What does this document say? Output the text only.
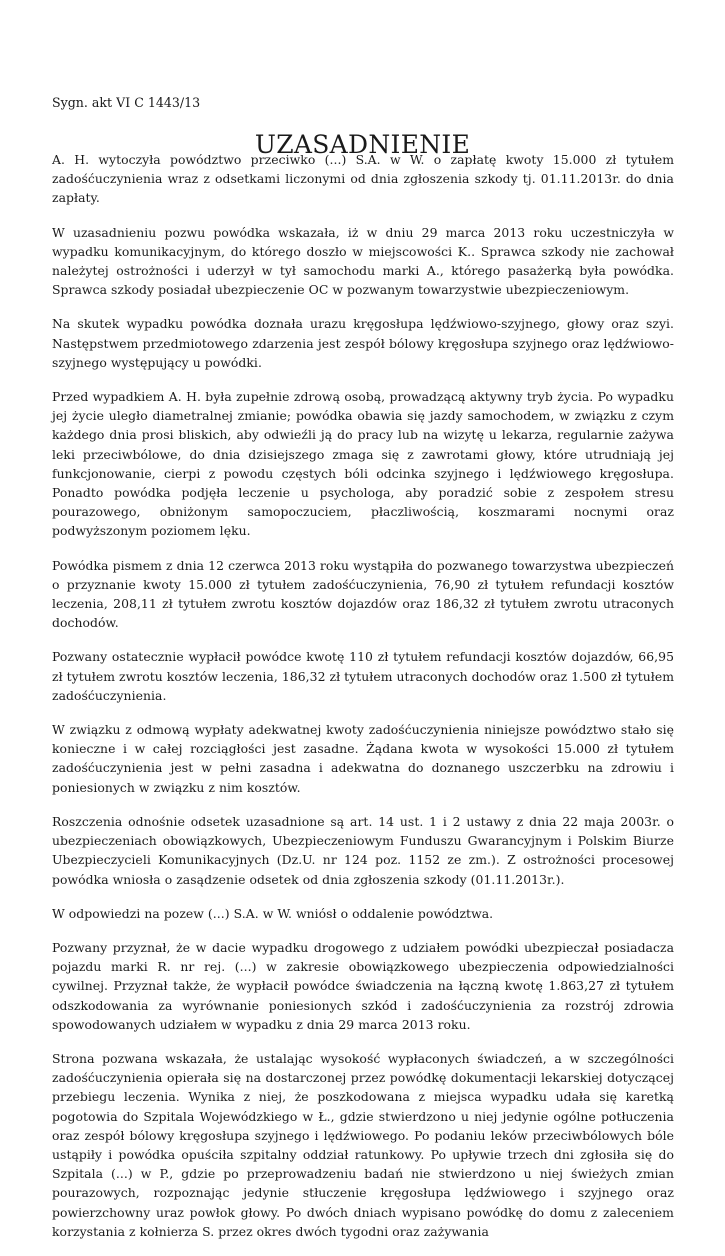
Sygn. akt VI C 1443/13
UZASADNIENIE

A. H. wytoczyła powództwo przeciwko (...) S.A. w W. o zapłatę kwoty 15.000 zł tytułem zadośćuczynienia wraz z odsetkami liczonymi od dnia zgłoszenia szkody tj. 01.11.2013r. do dnia zapłaty.

W uzasadnieniu pozwu powódka wskazała, iż w dniu 29 marca 2013 roku uczestniczyła w wypadku komunikacyjnym, do którego doszło w miejscowości K.. Sprawca szkody nie zachował należytej ostrożności i uderzył w tył samochodu marki A., którego pasażerką była powódka. Sprawca szkody posiadał ubezpieczenie OC w pozwanym towarzystwie ubezpieczeniowym.

Na skutek wypadku powódka doznała urazu kręgosłupa lędźwiowo-szyjnego, głowy oraz szyi. Następstwem przedmiotowego zdarzenia jest zespół bólowy kręgosłupa szyjnego oraz lędźwiowo-szyjnego występujący u powódki.

Przed wypadkiem A. H. była zupełnie zdrową osobą, prowadzącą aktywny tryb życia. Po wypadku jej życie uległo diametralnej zmianie; powódka obawia się jazdy samochodem, w związku z czym każdego dnia prosi bliskich, aby odwieźli ją do pracy lub na wizytę u lekarza, regularnie zażywa leki przeciwbólowe, do dnia dzisiejszego zmaga się z zawrotami głowy, które utrudniają jej funkcjonowanie, cierpi z powodu częstych bóli odcinka szyjnego i lędźwiowego kręgosłupa. Ponadto powódka podjęła leczenie u psychologa, aby poradzić sobie z zespołem stresu pourazowego, obniżonym samopoczuciem, płaczliwością, koszmarami nocnymi oraz podwyższonym poziomem lęku.

Powódka pismem z dnia 12 czerwca 2013 roku wystąpiła do pozwanego towarzystwa ubezpieczeń o przyznanie kwoty 15.000 zł tytułem zadośćuczynienia, 76,90 zł tytułem refundacji kosztów leczenia, 208,11 zł tytułem zwrotu kosztów dojazdów oraz 186,32 zł tytułem zwrotu utraconych dochodów.

Pozwany ostatecznie wypłacił powódce kwotę 110 zł tytułem refundacji kosztów dojazdów, 66,95 zł tytułem zwrotu kosztów leczenia, 186,32 zł tytułem utraconych dochodów oraz 1.500 zł tytułem zadośćuczynienia.

W związku z odmową wypłaty adekwatnej kwoty zadośćuczynienia niniejsze powództwo stało się konieczne i w całej rozciągłości jest zasadne. Żądana kwota w wysokości 15.000 zł tytułem zadośćuczynienia jest w pełni zasadna i adekwatna do doznanego uszczerbku na zdrowiu i poniesionych w związku z nim kosztów.

Roszczenia odnośnie odsetek uzasadnione są art. 14 ust. 1 i 2 ustawy z dnia 22 maja 2003r. o ubezpieczeniach obowiązkowych, Ubezpieczeniowym Funduszu Gwarancyjnym i Polskim Biurze Ubezpieczycieli Komunikacyjnych (Dz.U. nr 124 poz. 1152 ze zm.). Z ostrożności procesowej powódka wniosła o zasądzenie odsetek od dnia zgłoszenia szkody (01.11.2013r.).

W odpowiedzi na pozew (...) S.A. w W. wniósł o oddalenie powództwa.

Pozwany przyznał, że w dacie wypadku drogowego z udziałem powódki ubezpieczał posiadacza pojazdu marki R. nr rej. (...) w zakresie obowiązkowego ubezpieczenia odpowiedzialności cywilnej. Przyznał także, że wypłacił powódce świadczenia na łączną kwotę 1.863,27 zł tytułem odszkodowania za wyrównanie poniesionych szkód i zadośćuczynienia za rozstrój zdrowia spowodowanych udziałem w wypadku z dnia 29 marca 2013 roku.

Strona pozwana wskazała, że ustalając wysokość wypłaconych świadczeń, a w szczególności zadośćuczynienia opierała się na dostarczonej przez powódkę dokumentacji lekarskiej dotyczącej przebiegu leczenia. Wynika z niej, że poszkodowana z miejsca wypadku udała się karetką pogotowia do Szpitala Wojewódzkiego w Ł., gdzie stwierdzono u niej jedynie ogólne potłuczenia oraz zespół bólowy kręgosłupa szyjnego i lędźwiowego. Po podaniu leków przeciwbólowych bóle ustąpiły i powódka opuściła szpitalny oddział ratunkowy. Po upływie trzech dni zgłosiła się do Szpitala (...) w P., gdzie po przeprowadzeniu badań nie stwierdzono u niej świeżych zmian pourazowych, rozpoznając jedynie stłuczenie kręgosłupa lędźwiowego i szyjnego oraz powierzchowny uraz powłok głowy. Po dwóch dniach wypisano powódkę do domu z zaleceniem korzystania z kołnierza S. przez okres dwóch tygodni oraz zażywania
